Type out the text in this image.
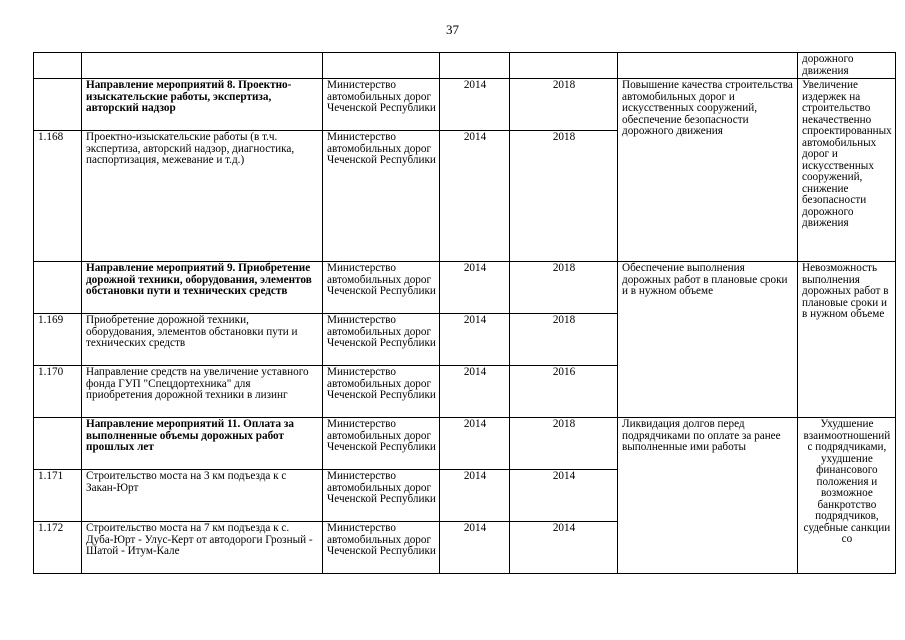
37
						дорожного движения
	Направление мероприятий 8. Проектно-изыскательские работы, экспертиза, авторский надзор	Министерство автомобильных дорог Чеченской Республики	2014	2018	Повышение качества строительства автомобильных дорог и искусственных сооружений, обеспечение безопасности дорожного движения	Увеличение издержек на строительство некачественно спроектированных автомобильных дорог и искусственных сооружений, снижение безопасности дорожного движения
1.168	Проектно-изыскательские работы (в т.ч. экспертиза, авторский надзор, диагностика, паспортизация, межевание и т.д.)	Министерство автомобильных дорог Чеченской Республики	2014	2018		
	Направление мероприятий 9. Приобретение дорожной техники, оборудования, элементов обстановки пути и технических средств	Министерство автомобильных дорог Чеченской Республики	2014	2018	Обеспечение выполнения дорожных работ в плановые сроки и в нужном объеме	Невозможность выполнения дорожных работ в плановые сроки и в нужном объеме
1.169	Приобретение дорожной техники, оборудования, элементов обстановки пути и технических средств	Министерство автомобильных дорог Чеченской Республики	2014	2018		
1.170	Направление средств на увеличение уставного фонда ГУП "Спецдортехника" для приобретения дорожной техники в лизинг	Министерство автомобильных дорог Чеченской Республики	2014	2016		
	Направление мероприятий 11. Оплата за выполненные объемы дорожных работ прошлых лет	Министерство автомобильных дорог Чеченской Республики	2014	2018	Ликвидация долгов перед подрядчиками по оплате за ранее выполненные ими работы	Ухудшение взаимоотношений с подрядчиками, ухудшение финансового положения и возможное банкротство подрядчиков, судебные санкции со
1.171	Строительство моста на 3 км подъезда к с Закан-Юрт	Министерство автомобильных дорог Чеченской Республики	2014	2014		
1.172	Строительство моста на 7 км подъезда к с. Дуба-Юрт - Улус-Керт от автодороги Грозный - Шатой - Итум-Кале	Министерство автомобильных дорог Чеченской Республики	2014	2014		
